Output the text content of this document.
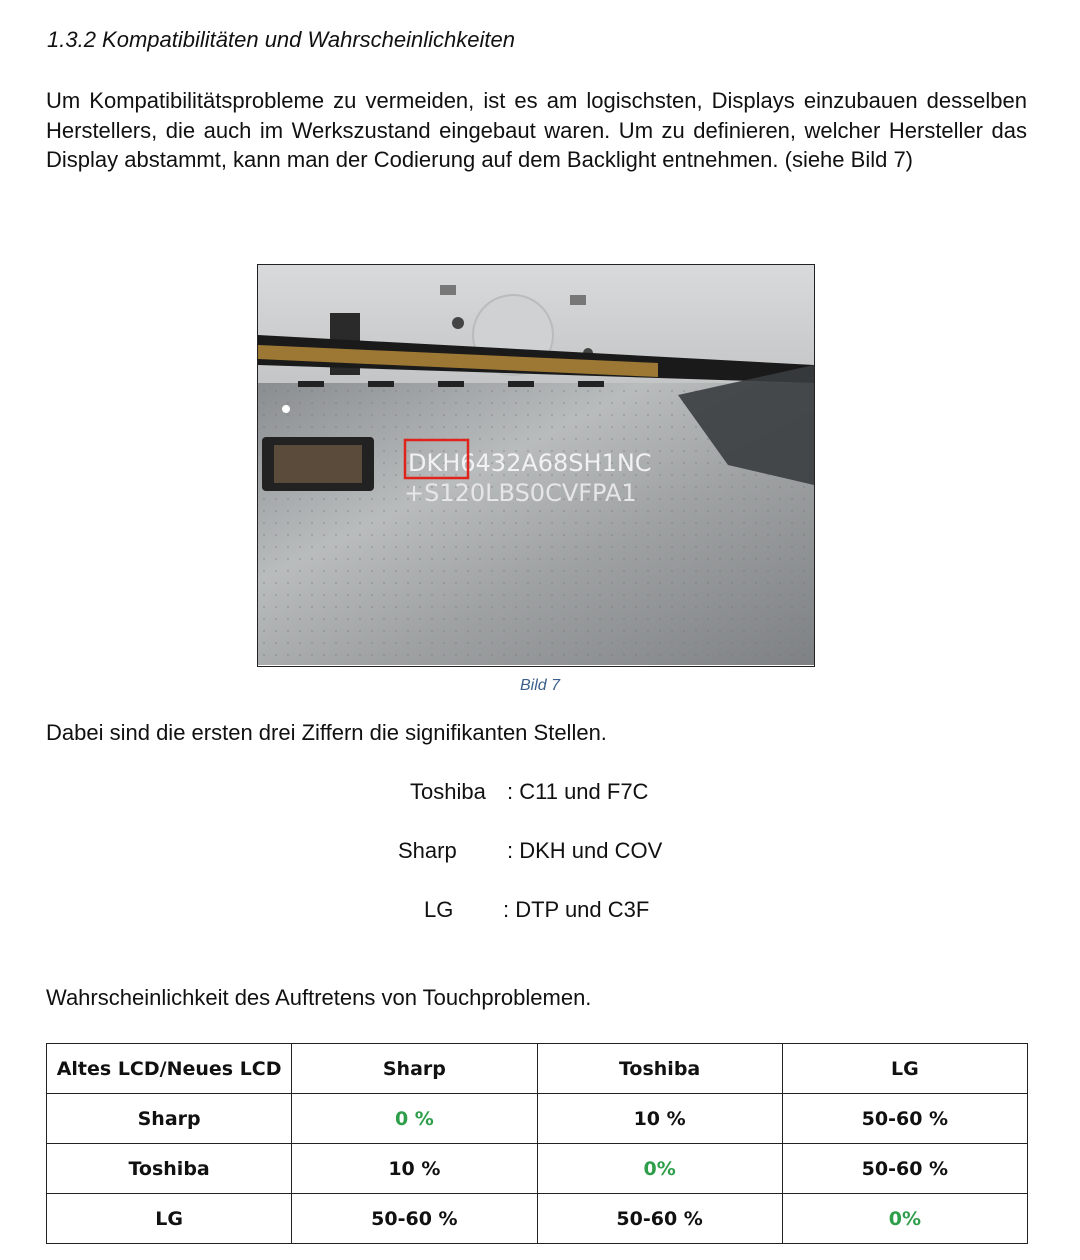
1.3.2 Kompatibilitäten und Wahrscheinlichkeiten
Um Kompatibilitätsprobleme zu vermeiden, ist es am logischsten, Displays einzubauen desselben Herstellers, die auch im Werkszustand eingebaut waren. Um zu definieren, welcher Hersteller das Display abstammt, kann man der Codierung auf dem Backlight entnehmen. (siehe Bild 7)
DKH6432A68SH1NC
+S120LBS0CVFPA1
Bild 7
Dabei sind die ersten drei Ziffern die signifikanten Stellen.
Toshiba : C11 und F7C
Sharp : DKH und COV
LG : DTP und C3F
Wahrscheinlichkeit des Auftretens von Touchproblemen.
Altes LCD/Neues LCD	Sharp	Toshiba	LG
Sharp	0 %	10 %	50-60 %
Toshiba	10 %	0%	50-60 %
LG	50-60 %	50-60 %	0%
